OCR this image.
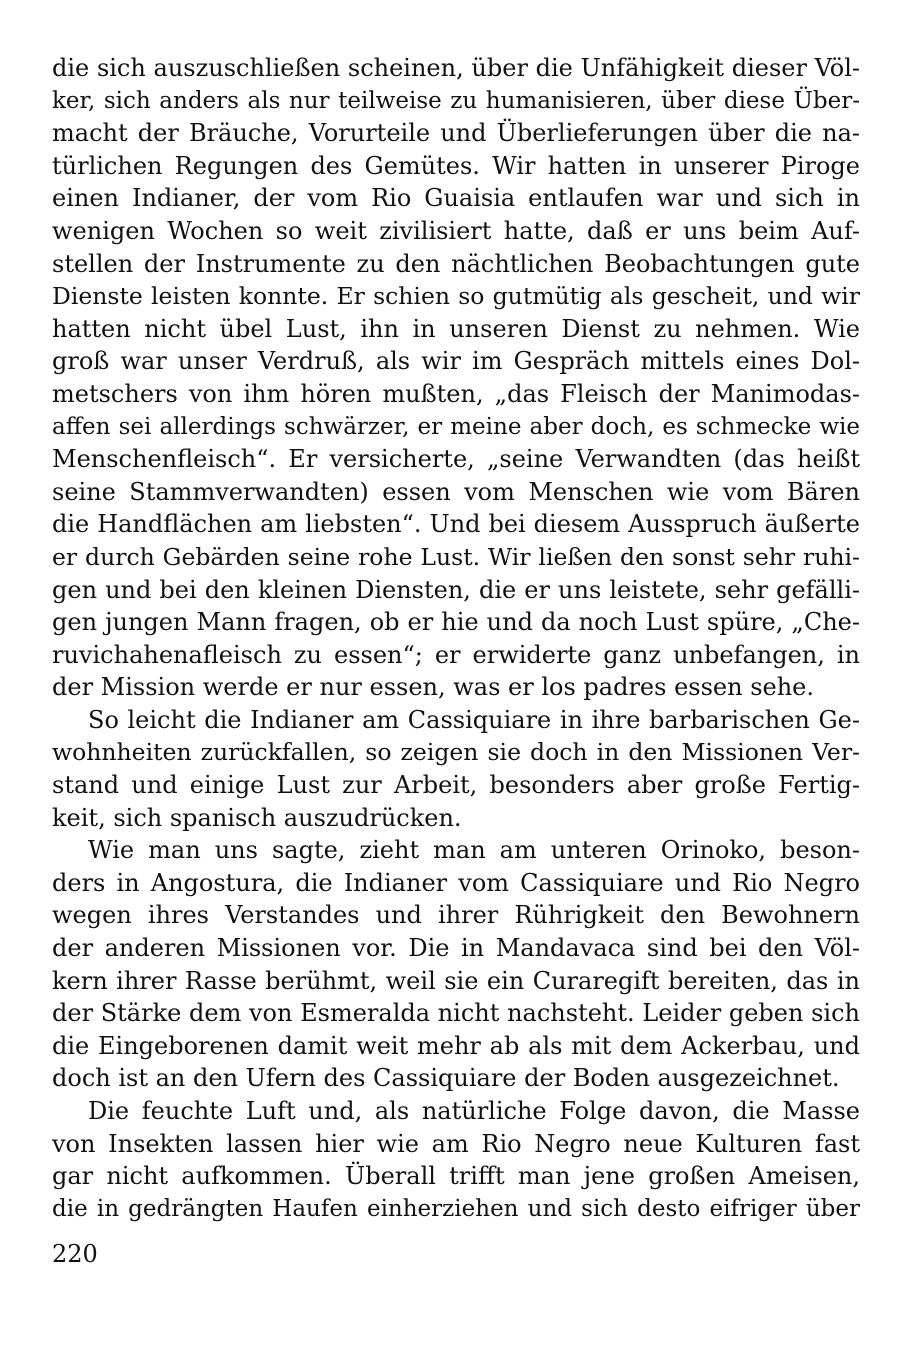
die sich auszuschließen scheinen, über die Unfähigkeit dieser Völ-
ker, sich anders als nur teilweise zu humanisieren, über diese Über-
macht der Bräuche, Vorurteile und Überlieferungen über die na-
türlichen Regungen des Gemütes. Wir hatten in unserer Piroge
einen Indianer, der vom Rio Guaisia entlaufen war und sich in
wenigen Wochen so weit zivilisiert hatte, daß er uns beim Auf-
stellen der Instrumente zu den nächtlichen Beobachtungen gute
Dienste leisten konnte. Er schien so gutmütig als gescheit, und wir
hatten nicht übel Lust, ihn in unseren Dienst zu nehmen. Wie
groß war unser Verdruß, als wir im Gespräch mittels eines Dol-
metschers von ihm hören mußten, „das Fleisch der Manimodas-
affen sei allerdings schwärzer, er meine aber doch, es schmecke wie
Menschenfleisch“. Er versicherte, „seine Verwandten (das heißt
seine Stammverwandten) essen vom Menschen wie vom Bären
die Handflächen am liebsten“. Und bei diesem Ausspruch äußerte
er durch Gebärden seine rohe Lust. Wir ließen den sonst sehr ruhi-
gen und bei den kleinen Diensten, die er uns leistete, sehr gefälli-
gen jungen Mann fragen, ob er hie und da noch Lust spüre, „Che-
ruvichahenafleisch zu essen“; er erwiderte ganz unbefangen, in
der Mission werde er nur essen, was er los padres essen sehe.
So leicht die Indianer am Cassiquiare in ihre barbarischen Ge-
wohnheiten zurückfallen, so zeigen sie doch in den Missionen Ver-
stand und einige Lust zur Arbeit, besonders aber große Fertig-
keit, sich spanisch auszudrücken.
Wie man uns sagte, zieht man am unteren Orinoko, beson-
ders in Angostura, die Indianer vom Cassiquiare und Rio Negro
wegen ihres Verstandes und ihrer Rührigkeit den Bewohnern
der anderen Missionen vor. Die in Mandavaca sind bei den Völ-
kern ihrer Rasse berühmt, weil sie ein Curaregift bereiten, das in
der Stärke dem von Esmeralda nicht nachsteht. Leider geben sich
die Eingeborenen damit weit mehr ab als mit dem Ackerbau, und
doch ist an den Ufern des Cassiquiare der Boden ausgezeichnet.
Die feuchte Luft und, als natürliche Folge davon, die Masse
von Insekten lassen hier wie am Rio Negro neue Kulturen fast
gar nicht aufkommen. Überall trifft man jene großen Ameisen,
die in gedrängten Haufen einherziehen und sich desto eifriger über
220
